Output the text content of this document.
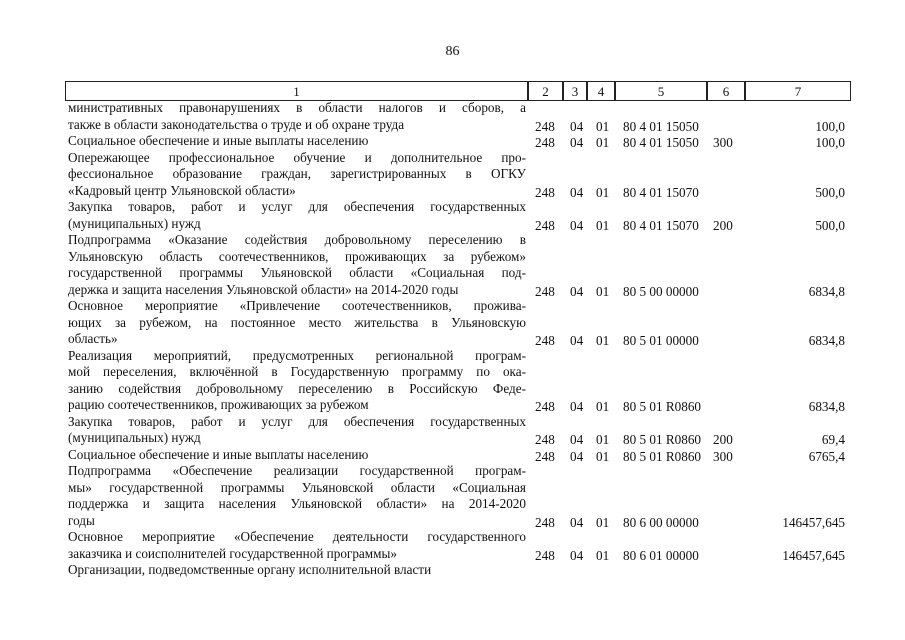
86
1	2	3	4	5	6	7
министративных правонарушениях в области налогов и сборов, а
также в области законодательства о труде и об охране труда	248 04 01 80 4 01 15050	100,0
Социальное обеспечение и иные выплаты населению	248 04 01 80 4 01 15050 300	100,0
Опережающее профессиональное обучение и дополнительное про-
фессиональное образование граждан, зарегистрированных в ОГКУ
«Кадровый центр Ульяновской области»	248 04 01 80 4 01 15070	500,0
Закупка товаров, работ и услуг для обеспечения государственных
(муниципальных) нужд	248 04 01 80 4 01 15070 200	500,0
Подпрограмма «Оказание содействия добровольному переселению в
Ульяновскую область соотечественников, проживающих за рубежом»
государственной программы Ульяновской области «Социальная под-
держка и защита населения Ульяновской области» на 2014-2020 годы	248 04 01 80 5 00 00000	6834,8
Основное мероприятие «Привлечение соотечественников, прожива-
ющих за рубежом, на постоянное место жительства в Ульяновскую
область»	248 04 01 80 5 01 00000	6834,8
Реализация мероприятий, предусмотренных региональной програм-
мой переселения, включённой в Государственную программу по ока-
занию содействия добровольному переселению в Российскую Феде-
рацию соотечественников, проживающих за рубежом	248 04 01 80 5 01 R0860	6834,8
Закупка товаров, работ и услуг для обеспечения государственных
(муниципальных) нужд	248 04 01 80 5 01 R0860 200	69,4
Социальное обеспечение и иные выплаты населению	248 04 01 80 5 01 R0860 300	6765,4
Подпрограмма «Обеспечение реализации государственной програм-
мы» государственной программы Ульяновской области «Социальная
поддержка и защита населения Ульяновской области» на 2014-2020
годы	248 04 01 80 6 00 00000	146457,645
Основное мероприятие «Обеспечение деятельности государственного
заказчика и соисполнителей государственной программы»	248 04 01 80 6 01 00000	146457,645
Организации, подведомственные органу исполнительной власти
